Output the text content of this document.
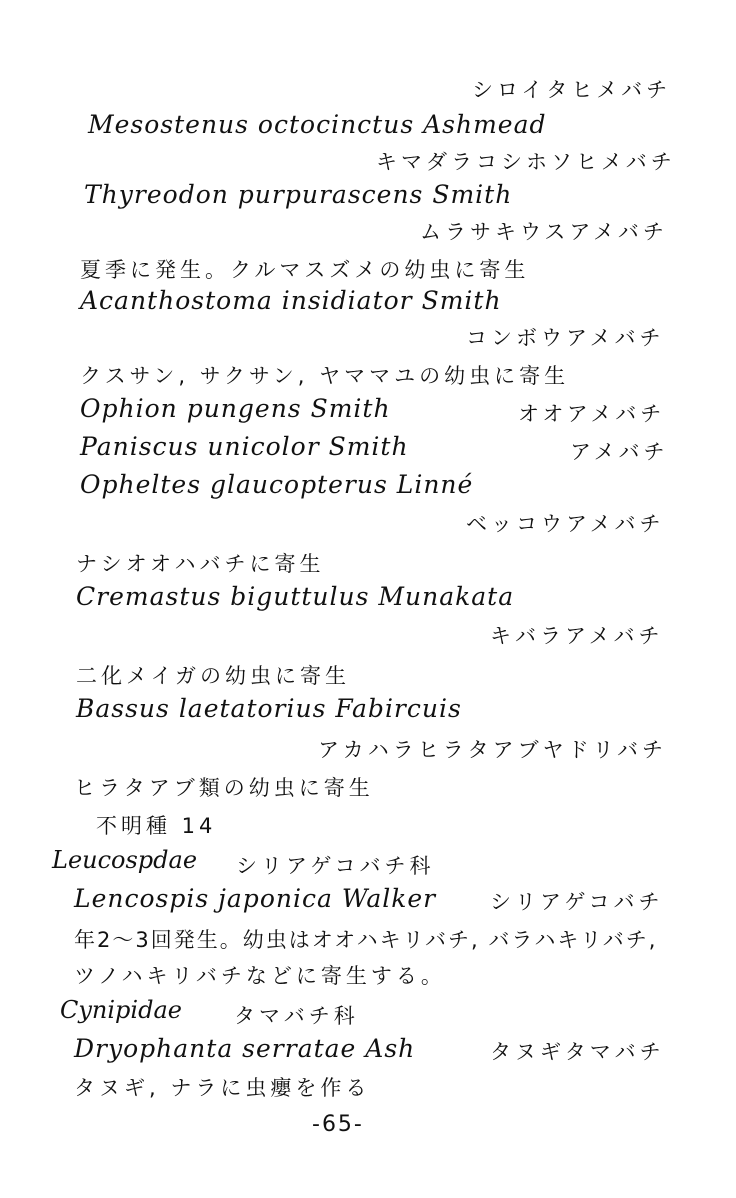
シロイタヒメバチ
Mesostenus octocinctus Ashmead
キマダラコシホソヒメバチ
Thyreodon purpurascens Smith
ムラサキウスアメバチ
夏季に発生。クルマスズメの幼虫に寄生
Acanthostoma insidiator Smith
コンボウアメバチ
クスサン, サクサン, ヤママユの幼虫に寄生
Ophion pungens Smith	オオアメバチ
Paniscus unicolor Smith	アメバチ
Opheltes glaucopterus Linné
ベッコウアメバチ
ナシオオハバチに寄生
Cremastus biguttulus Munakata
キバラアメバチ
二化メイガの幼虫に寄生
Bassus laetatorius Fabircuis
アカハラヒラタアブヤドリバチ
ヒラタアブ類の幼虫に寄生
不明種 14
Leucospdae シリアゲコバチ科
Lencospis japonica Walker	シリアゲコバチ
年2〜3回発生。幼虫はオオハキリバチ, バラハキリバチ,
ツノハキリバチなどに寄生する。
Cynipidae タマバチ科
Dryophanta serratae Ash	タヌギタマバチ
タヌギ, ナラに虫癭を作る
-65-
